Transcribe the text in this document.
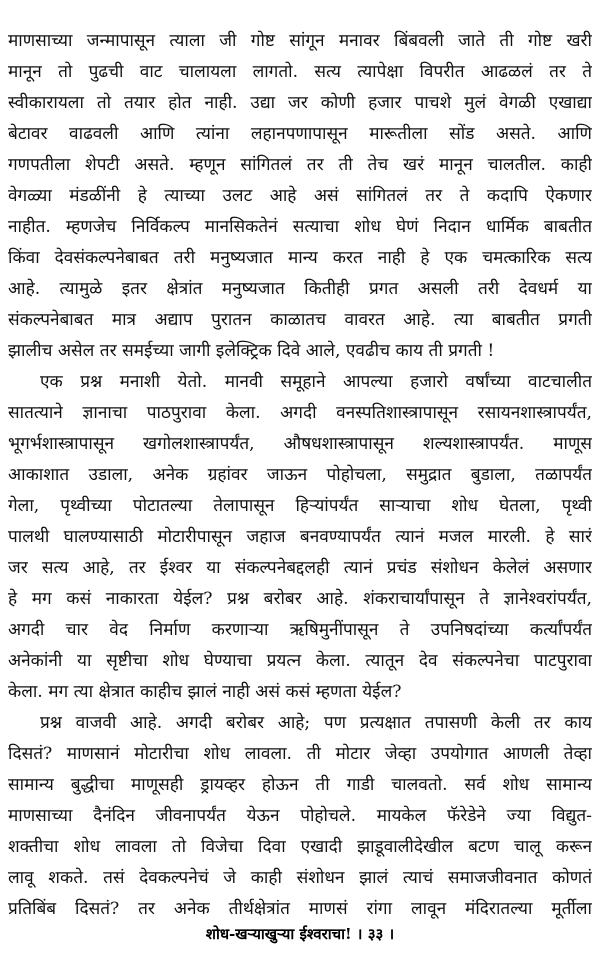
माणसाच्या जन्मापासून त्याला जी गोष्ट सांगून मनावर बिंबवली जाते ती गोष्ट खरी
मानून तो पुढची वाट चालायला लागतो. सत्य त्यापेक्षा विपरीत आढळलं तर ते
स्वीकारायला तो तयार होत नाही. उद्या जर कोणी हजार पाचशे मुलं वेगळी एखाद्या
बेटावर वाढवली आणि त्यांना लहानपणापासून मारूतीला सोंड असते. आणि
गणपतीला शेपटी असते. म्हणून सांगितलं तर ती तेच खरं मानून चालतील. काही
वेगळ्या मंडळींनी हे त्याच्या उलट आहे असं सांगितलं तर ते कदापि ऐकणार
नाहीत. म्हणजेच निर्विकल्प मानसिकतेनं सत्याचा शोध घेणं निदान धार्मिक बाबतीत
किंवा देवसंकल्पनेबाबत तरी मनुष्यजात मान्य करत नाही हे एक चमत्कारिक सत्य
आहे. त्यामुळे इतर क्षेत्रांत मनुष्यजात कितीही प्रगत असली तरी देवधर्म या
संकल्पनेबाबत मात्र अद्याप पुरातन काळातच वावरत आहे. त्या बाबतीत प्रगती
झालीच असेल तर समईच्या जागी इलेक्ट्रिक दिवे आले, एवढीच काय ती प्रगती !
एक प्रश्न मनाशी येतो. मानवी समूहाने आपल्या हजारो वर्षांच्या वाटचालीत
सातत्याने ज्ञानाचा पाठपुरावा केला. अगदी वनस्पतिशास्त्रापासून रसायनशास्त्रापर्यंत,
भूगर्भशास्त्रापासून खगोलशास्त्रापर्यंत, औषधशास्त्रापासून शल्यशास्त्रापर्यंत. माणूस
आकाशात उडाला, अनेक ग्रहांवर जाऊन पोहोचला, समुद्रात बुडाला, तळापर्यंत
गेला, पृथ्वीच्या पोटातल्या तेलापासून हिऱ्यांपर्यंत साऱ्याचा शोध घेतला, पृथ्वी
पालथी घालण्यासाठी मोटारीपासून जहाज बनवण्यापर्यंत त्यानं मजल मारली. हे सारं
जर सत्य आहे, तर ईश्वर या संकल्पनेबद्दलही त्यानं प्रचंड संशोधन केलेलं असणार
हे मग कसं नाकारता येईल? प्रश्न बरोबर आहे. शंकराचार्यांपासून ते ज्ञानेश्वरांपर्यंत,
अगदी चार वेद निर्माण करणाऱ्या ऋषिमुनींपासून ते उपनिषदांच्या कर्त्यांपर्यंत
अनेकांनी या सृष्टीचा शोध घेण्याचा प्रयत्न केला. त्यातून देव संकल्पनेचा पाटपुरावा
केला. मग त्या क्षेत्रात काहीच झालं नाही असं कसं म्हणता येईल?
प्रश्न वाजवी आहे. अगदी बरोबर आहे; पण प्रत्यक्षात तपासणी केली तर काय
दिसतं? माणसानं मोटारीचा शोध लावला. ती मोटार जेव्हा उपयोगात आणली तेव्हा
सामान्य बुद्धीचा माणूसही ड्रायव्हर होऊन ती गाडी चालवतो. सर्व शोध सामान्य
माणसाच्या दैनंदिन जीवनापर्यंत येऊन पोहोचले. मायकेल फॅरेडेने ज्या विद्युत-
शक्तीचा शोध लावला तो विजेचा दिवा एखादी झाडूवालीदेखील बटण चालू करून
लावू शकते. तसं देवकल्पनेचं जे काही संशोधन झालं त्याचं समाजजीवनात कोणतं
प्रतिबिंब दिसतं? तर अनेक तीर्थक्षेत्रांत माणसं रांगा लावून मंदिरातल्या मूर्तीला
शोध-खऱ्याखुऱ्या ईश्वराचा! । ३३ ।
